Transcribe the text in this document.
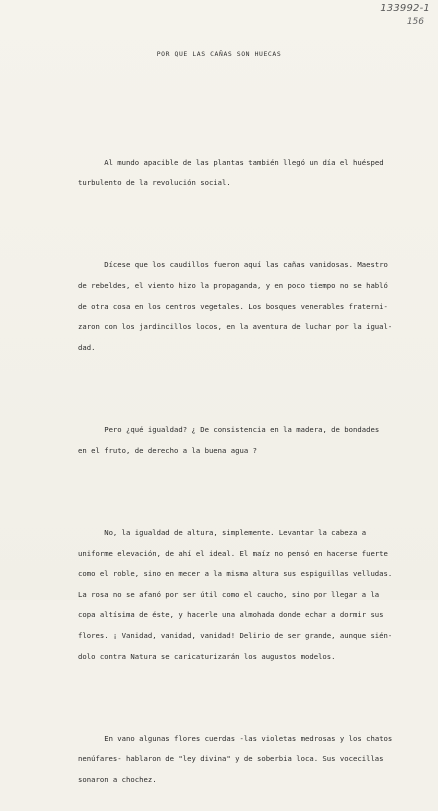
133992-1
156
POR QUE LAS CAÑAS SON HUECAS

Al mundo apacible de las plantas también llegó un día el huésped
turbulento de la revolución social.

Dícese que los caudillos fueron aquí las cañas vanidosas. Maestro
de rebeldes, el viento hizo la propaganda, y en poco tiempo no se habló
de otra cosa en los centros vegetales. Los bosques venerables fraterni-
zaron con los jardincillos locos, en la aventura de luchar por la igual-
dad.

Pero ¿qué igualdad? ¿ De consistencia en la madera, de bondades
en el fruto, de derecho a la buena agua ?

No, la igualdad de altura, simplemente. Levantar la cabeza a
uniforme elevación, de ahí el ideal. El maíz no pensó en hacerse fuerte
como el roble, sino en mecer a la misma altura sus espiguillas velludas.
La rosa no se afanó por ser útil como el caucho, sino por llegar a la
copa altísima de éste, y hacerle una almohada donde echar a dormir sus
flores. ¡ Vanidad, vanidad, vanidad! Delirio de ser grande, aunque sién-
dolo contra Natura se caricaturizarán los augustos modelos.

En vano algunas flores cuerdas -las violetas medrosas y los chatos
nenúfares- hablaron de "ley divina" y de soberbia loca. Sus vocecillas
sonaron a chochez.
